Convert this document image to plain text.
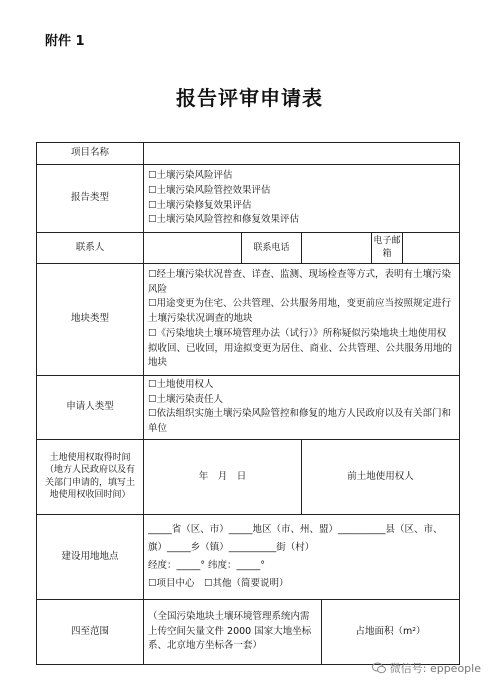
附件 1
报告评审申请表
项目名称					
报告类型	☐土壤污染风险评估
☐土壤污染风险管控效果评估
☐土壤污染修复效果评估
☐土壤污染风险管控和修复效果评估				

联系人		联系电话			电子邮箱

地块类型	☐经土壤污染状况普查、详查、监测、现场检查等方式，表明有土壤污染风险
☐用途变更为住宅、公共管理、公共服务用地，变更前应当按照规定进行土壤污染状况调查的地块
☐《污染地块土壤环境管理办法（试行）》所称疑似污染地块土地使用权拟收回、已收回，用途拟变更为居住、商业、公共管理、公共服务用地的地块				

申请人类型	☐土地使用权人
☐土壤污染责任人
☐依法组织实施土壤污染风险管控和修复的地方人民政府以及有关部门和单位				

土地使用权取得时间（地方人民政府以及有关部门申请的，填写土地使用权收回时间）	年　月　日		前土地使用权人		
建设用地地点	_____省（区、市）_____地区（市、州、盟）__________县（区、市、旗）_____乡（镇）__________街（村）
经度：_____° 纬度：_____°
☐项目中心　☐其他（简要说明）				

四至范围	（全国污染地块土壤环境管理系统内需上传空间矢量文件 2000 国家大地坐标系、北京地方坐标各一套）			占地面积（m²）	
微信号: eppeople
